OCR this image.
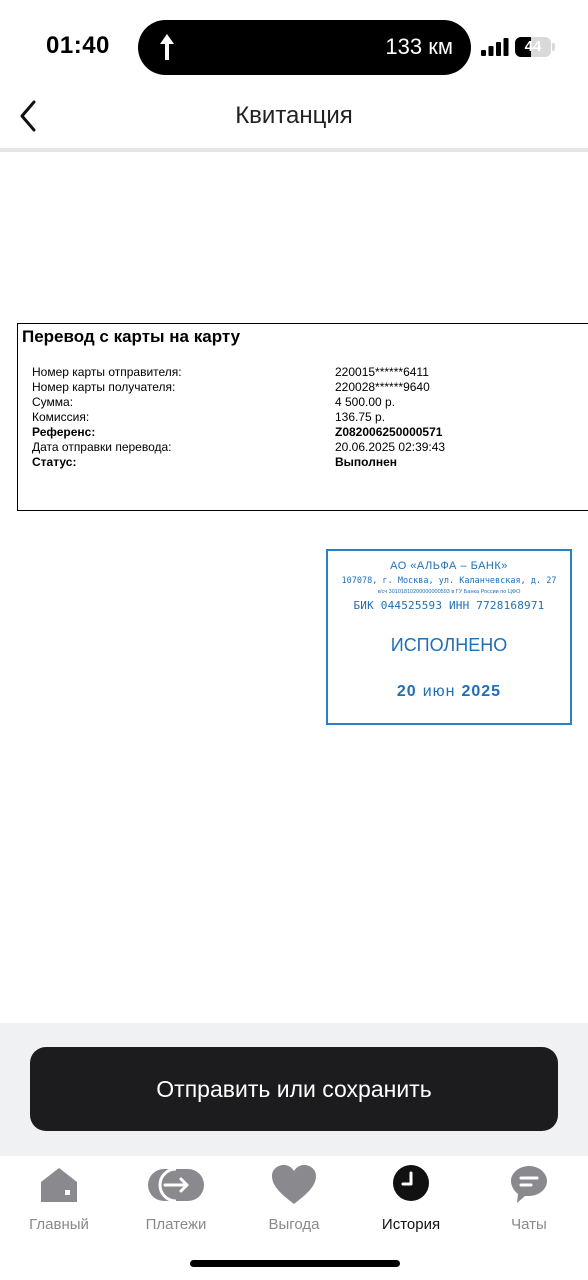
01:40	133 км	44
Квитанция
Перевод с карты на карту
Номер карты отправителя:	220015******6411
Номер карты получателя:	220028******9640
Сумма:	4 500.00 р.
Комиссия:	136.75 р.
Референс:	Z082006250000571
Дата отправки перевода:	20.06.2025 02:39:43
Статус:	Выполнен
АО «АЛЬФА – БАНК»
107078, г. Москва, ул. Каланчевская, д. 27
к/сч 30101810200000000593 в ГУ Банка России по ЦФО
БИК 044525593 ИНН 7728168971
ИСПОЛНЕНО
20 июн 2025
Отправить или сохранить
Главный	Платежи	Выгода	История	Чаты
